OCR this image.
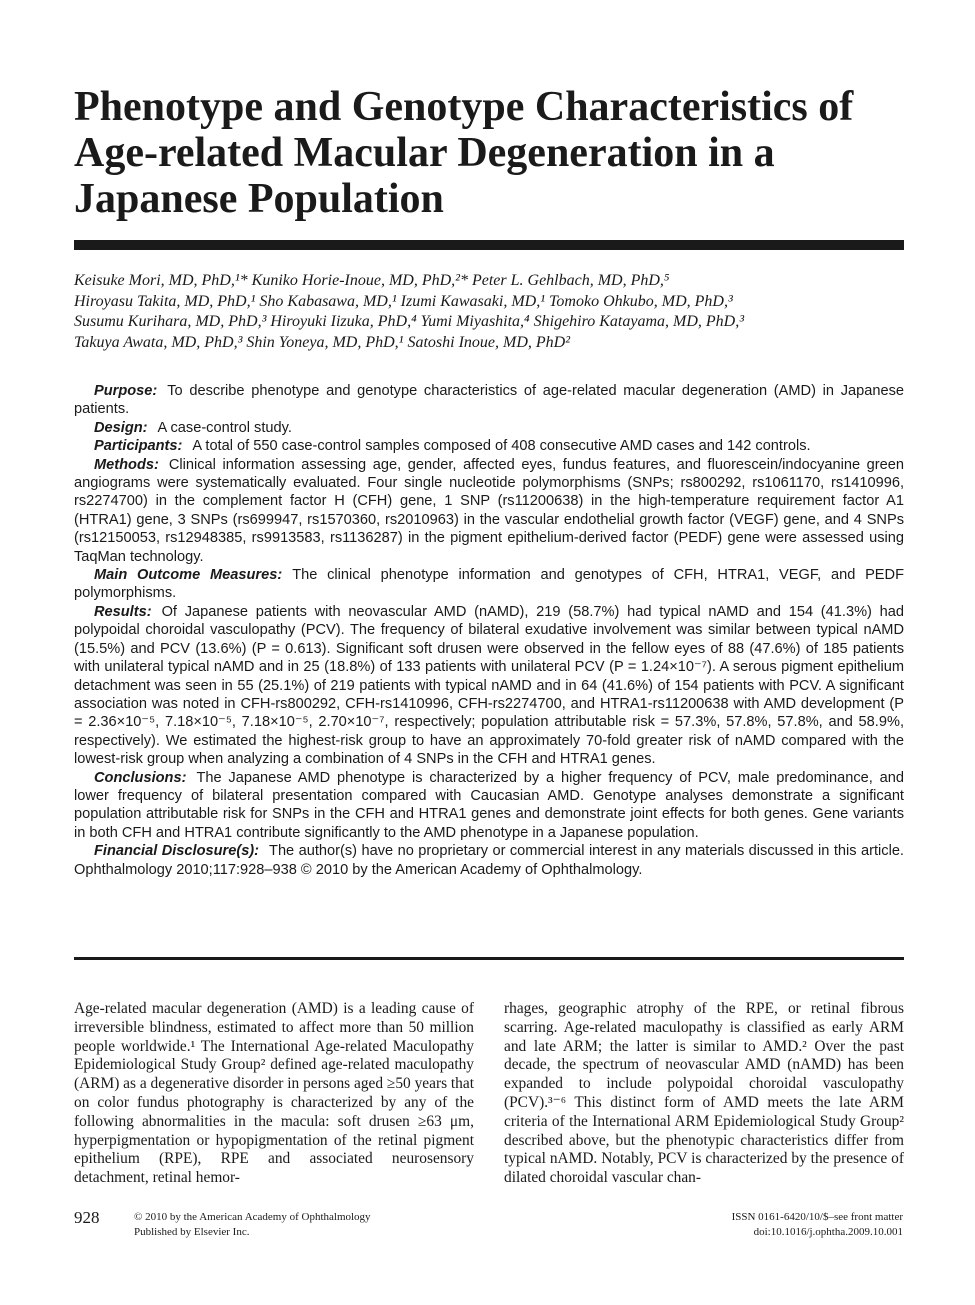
Phenotype and Genotype Characteristics of
Age-related Macular Degeneration in a
Japanese Population
Keisuke Mori, MD, PhD,¹* Kuniko Horie-Inoue, MD, PhD,²* Peter L. Gehlbach, MD, PhD,⁵
Hiroyasu Takita, MD, PhD,¹ Sho Kabasawa, MD,¹ Izumi Kawasaki, MD,¹ Tomoko Ohkubo, MD, PhD,³
Susumu Kurihara, MD, PhD,³ Hiroyuki Iizuka, PhD,⁴ Yumi Miyashita,⁴ Shigehiro Katayama, MD, PhD,³
Takuya Awata, MD, PhD,³ Shin Yoneya, MD, PhD,¹ Satoshi Inoue, MD, PhD²

Purpose: To describe phenotype and genotype characteristics of age-related macular degeneration (AMD) in Japanese patients.

Design: A case-control study.

Participants: A total of 550 case-control samples composed of 408 consecutive AMD cases and 142 controls.

Methods: Clinical information assessing age, gender, affected eyes, fundus features, and fluorescein/indocyanine green angiograms were systematically evaluated. Four single nucleotide polymorphisms (SNPs; rs800292, rs1061170, rs1410996, rs2274700) in the complement factor H (CFH) gene, 1 SNP (rs11200638) in the high-temperature requirement factor A1 (HTRA1) gene, 3 SNPs (rs699947, rs1570360, rs2010963) in the vascular endothelial growth factor (VEGF) gene, and 4 SNPs (rs12150053, rs12948385, rs9913583, rs1136287) in the pigment epithelium-derived factor (PEDF) gene were assessed using TaqMan technology.

Main Outcome Measures: The clinical phenotype information and genotypes of CFH, HTRA1, VEGF, and PEDF polymorphisms.

Results: Of Japanese patients with neovascular AMD (nAMD), 219 (58.7%) had typical nAMD and 154 (41.3%) had polypoidal choroidal vasculopathy (PCV). The frequency of bilateral exudative involvement was similar between typical nAMD (15.5%) and PCV (13.6%) (P = 0.613). Significant soft drusen were observed in the fellow eyes of 88 (47.6%) of 185 patients with unilateral typical nAMD and in 25 (18.8%) of 133 patients with unilateral PCV (P = 1.24×10⁻⁷). A serous pigment epithelium detachment was seen in 55 (25.1%) of 219 patients with typical nAMD and in 64 (41.6%) of 154 patients with PCV. A significant association was noted in CFH-rs800292, CFH-rs1410996, CFH-rs2274700, and HTRA1-rs11200638 with AMD development (P = 2.36×10⁻⁵, 7.18×10⁻⁵, 7.18×10⁻⁵, 2.70×10⁻⁷, respectively; population attributable risk = 57.3%, 57.8%, 57.8%, and 58.9%, respectively). We estimated the highest-risk group to have an approximately 70-fold greater risk of nAMD compared with the lowest-risk group when analyzing a combination of 4 SNPs in the CFH and HTRA1 genes.

Conclusions: The Japanese AMD phenotype is characterized by a higher frequency of PCV, male predominance, and lower frequency of bilateral presentation compared with Caucasian AMD. Genotype analyses demonstrate a significant population attributable risk for SNPs in the CFH and HTRA1 genes and demonstrate joint effects for both genes. Gene variants in both CFH and HTRA1 contribute significantly to the AMD phenotype in a Japanese population.

Financial Disclosure(s): The author(s) have no proprietary or commercial interest in any materials discussed in this article. Ophthalmology 2010;117:928–938 © 2010 by the American Academy of Ophthalmology.

Age-related macular degeneration (AMD) is a leading cause of irreversible blindness, estimated to affect more than 50 million people worldwide.¹ The International Age-related Maculopathy Epidemiological Study Group² defined age-related maculopathy (ARM) as a degenerative disorder in persons aged ≥50 years that on color fundus photography is characterized by any of the following abnormalities in the macula: soft drusen ≥63 μm, hyperpigmentation or hypopigmentation of the retinal pigment epithelium (RPE), RPE and associated neurosensory detachment, retinal hemor-

rhages, geographic atrophy of the RPE, or retinal fibrous scarring. Age-related maculopathy is classified as early ARM and late ARM; the latter is similar to AMD.² Over the past decade, the spectrum of neovascular AMD (nAMD) has been expanded to include polypoidal choroidal vasculopathy (PCV).³⁻⁶ This distinct form of AMD meets the late ARM criteria of the International ARM Epidemiological Study Group² described above, but the phenotypic characteristics differ from typical nAMD. Notably, PCV is characterized by the presence of dilated choroidal vascular chan-

928	© 2010 by the American Academy of Ophthalmology
Published by Elsevier Inc.
ISSN 0161-6420/10/$–see front matter
doi:10.1016/j.ophtha.2009.10.001
